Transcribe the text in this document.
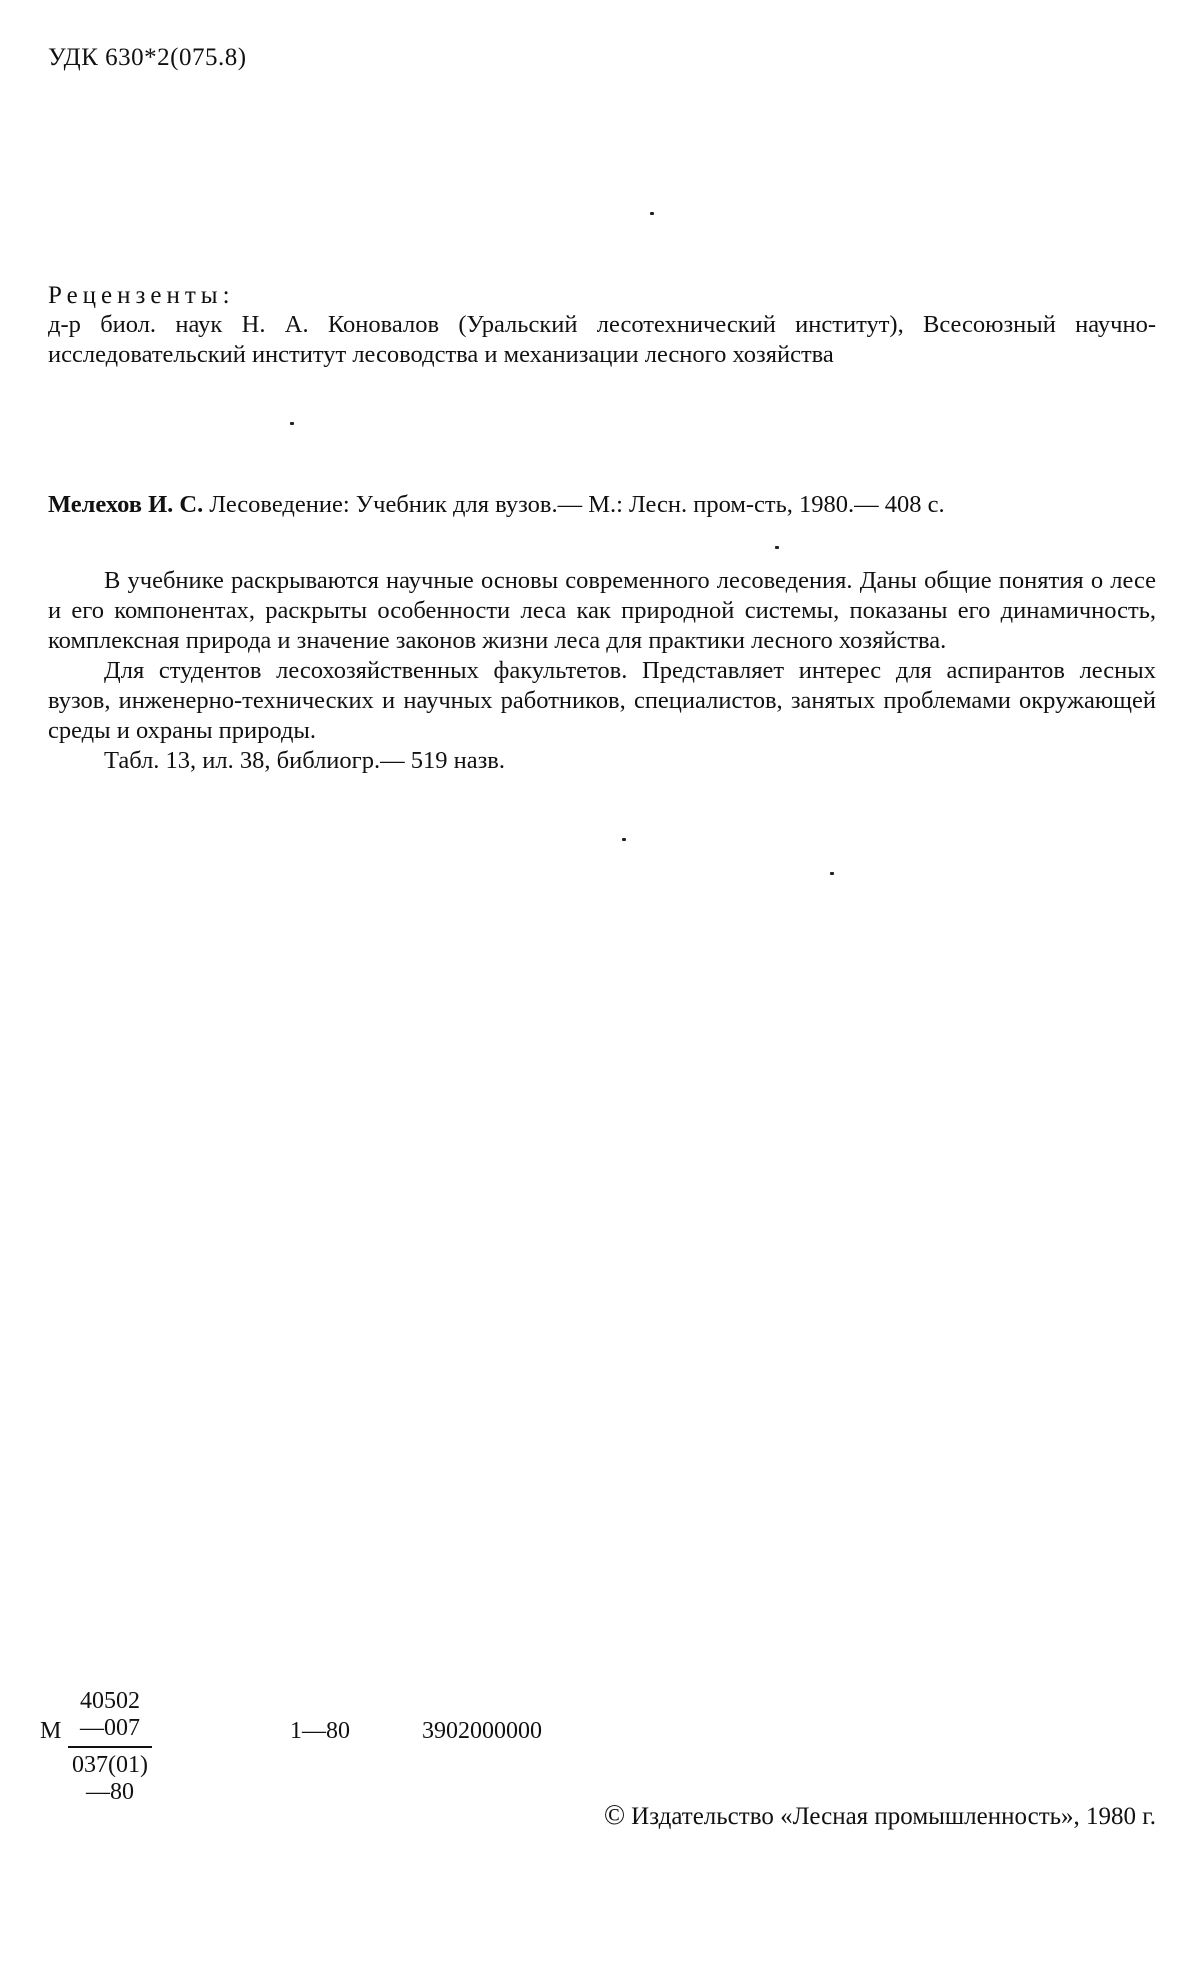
УДК 630*2(075.8)
Рецензенты:
д-р биол. наук Н. А. Коновалов (Уральский лесотехнический институт), Всесоюзный научно-исследовательский институт лесоводства и механизации лесного хозяйства
Мелехов И. С. Лесоведение: Учебник для вузов.— М.: Лесн. пром-сть, 1980.— 408 с.

В учебнике раскрываются научные основы современного лесоведения. Даны общие понятия о лесе и его компонентах, раскрыты особенности леса как природной системы, показаны его динамичность, комплексная природа и значение законов жизни леса для практики лесного хозяйства.

Для студентов лесохозяйственных факультетов. Представляет интерес для аспирантов лесных вузов, инженерно-технических и научных работников, специалистов, занятых проблемами окружающей среды и охраны природы.

Табл. 13, ил. 38, библиогр.— 519 назв.

М $\frac{40502—007}{037(01)—80}$	1—80	3902000000
© Издательство «Лесная промышленность», 1980 г.
